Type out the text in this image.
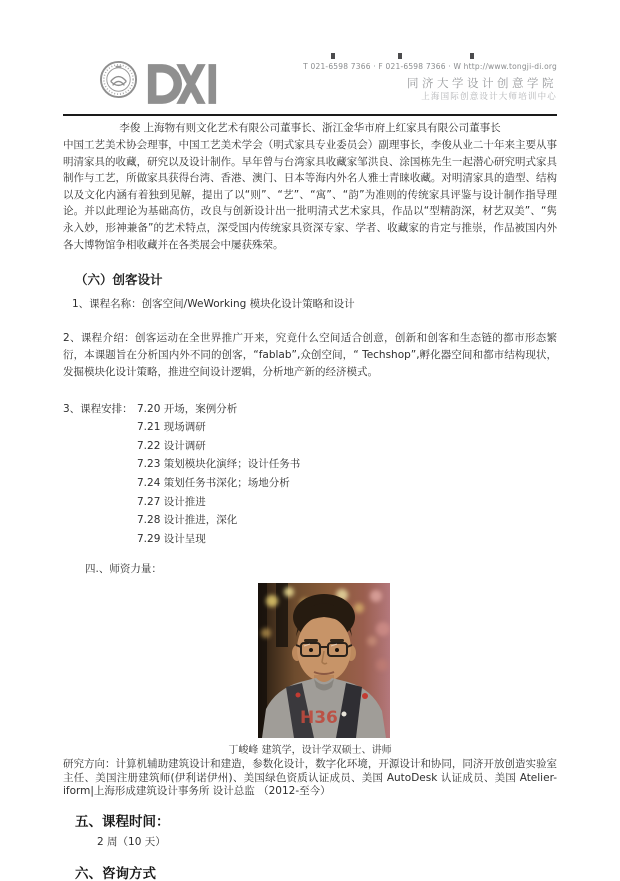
T 021-6598 7366 · F 021-6598 7366 · W http://www.tongji-di.org
同济大学设计创意学院
上海国际创意设计大师培训中心

李俊 上海物有则文化艺术有限公司董事长、浙江金华市府上红家具有限公司董事长

中国工艺美术协会理事，中国工艺美术学会（明式家具专业委员会）副理事长，李俊从业二十年来主要从事明清家具的收藏，研究以及设计制作。早年曾与台湾家具收藏家邹洪良、涂国栋先生一起潜心研究明式家具制作与工艺，所做家具获得台湾、香港、澳门、日本等海内外名人雅士青睐收藏。对明清家具的造型、结构以及文化内涵有着独到见解，提出了以“则”、“艺”、“寓”、“韵”为准则的传统家具评鉴与设计制作指导理论。并以此理论为基础高仿，改良与创新设计出一批明清式艺术家具，作品以“型精韵深，材艺双美”、“隽永入妙，形神兼备”的艺术特点，深受国内传统家具资深专家、学者、收藏家的肯定与推崇，作品被国内外各大博物馆争相收藏并在各类展会中屡获殊荣。

（六）创客设计

1、课程名称：创客空间/WeWorking 模块化设计策略和设计

2、课程介绍：创客运动在全世界推广开来，究竟什么空间适合创意，创新和创客和生态链的都市形态繁衍，本课题旨在分析国内外不同的创客，“fablab”,众创空间，“ Techshop”,孵化器空间和都市结构现状，发掘模块化设计策略，推进空间设计逻辑，分析地产新的经济模式。

3、课程安排： 7.20 开场，案例分析
7.21 现场调研
7.22 设计调研
7.23 策划模块化演绎；设计任务书
7.24 策划任务书深化；场地分析
7.27 设计推进
7.28 设计推进，深化
7.29 设计呈现

四.、师资力量：

H36

丁峻峰 建筑学，设计学双硕士、讲师

研究方向：计算机辅助建筑设计和建造，参数化设计，数字化环境，开源设计和协同，同济开放创造实验室主任、美国注册建筑师(伊利诺伊州)、美国绿色资质认证成员、美国 AutoDesk 认证成员、美国 Atelier-iform|上海形成建筑设计事务所 设计总监 （2012-至今）

五、课程时间：

2 周（10 天）

六、咨询方式
